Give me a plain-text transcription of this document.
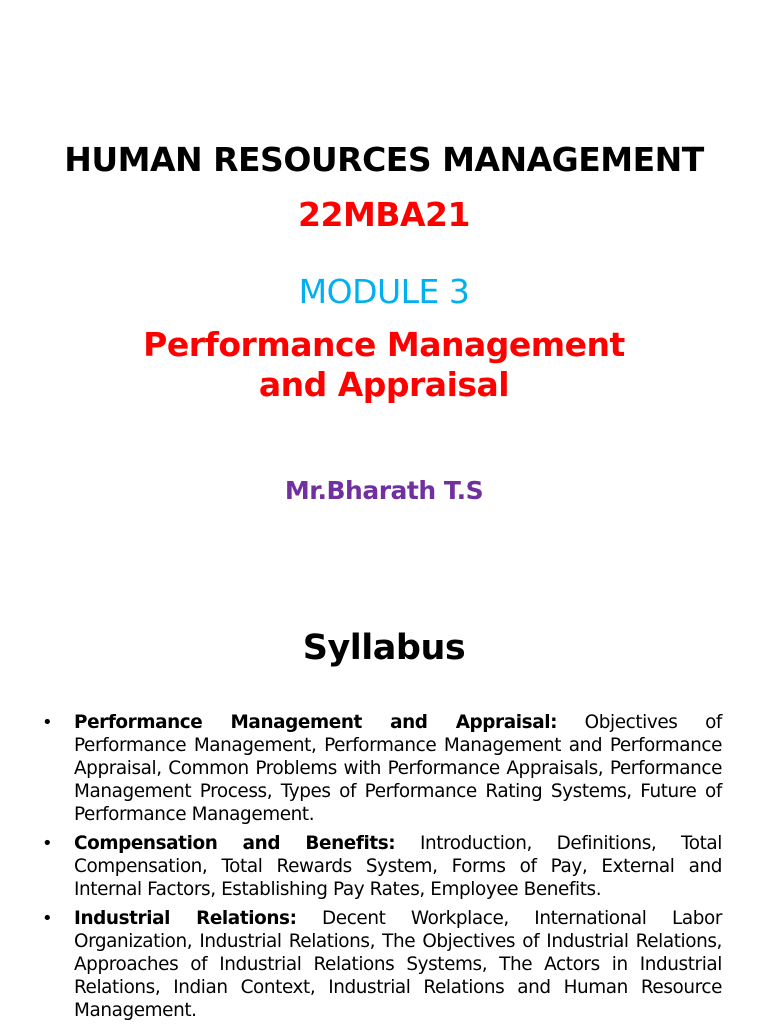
HUMAN RESOURCES MANAGEMENT
22MBA21
MODULE 3
Performance Management
and Appraisal
Mr.Bharath T.S
Syllabus
• Performance Management and Appraisal: Objectives of Performance Management, Performance Management and Performance Appraisal, Common Problems with Performance Appraisals, Performance Management Process, Types of Performance Rating Systems, Future of Performance Management.
• Compensation and Benefits: Introduction, Definitions, Total Compensation, Total Rewards System, Forms of Pay, External and Internal Factors, Establishing Pay Rates, Employee Benefits.
• Industrial Relations: Decent Workplace, International Labor Organization, Industrial Relations, The Objectives of Industrial Relations, Approaches of Industrial Relations Systems, The Actors in Industrial Relations, Indian Context, Industrial Relations and Human Resource Management.
